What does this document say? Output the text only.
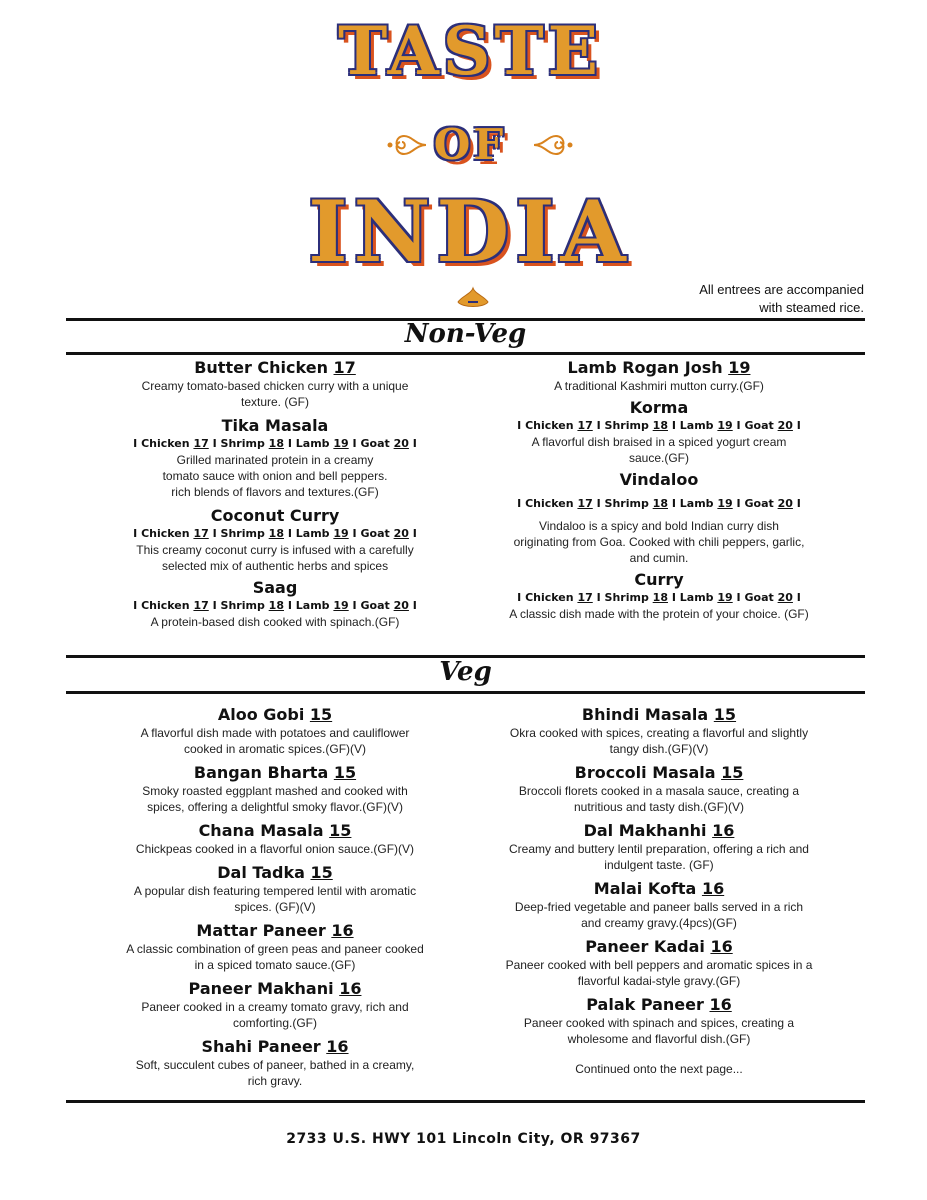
TASTE
OF
INDIA
All entrees are accompanied
with steamed rice.
Non-Veg
Butter Chicken 17
Creamy tomato-based chicken curry with a unique
texture. (GF)
Tika Masala
I Chicken 17 I Shrimp 18 I Lamb 19 I Goat 20 I
Grilled marinated protein in a creamy
tomato sauce with onion and bell peppers.
rich blends of flavors and textures.(GF)
Coconut Curry
I Chicken 17 I Shrimp 18 I Lamb 19 I Goat 20 I
This creamy coconut curry is infused with a carefully
selected mix of authentic herbs and spices
Saag
I Chicken 17 I Shrimp 18 I Lamb 19 I Goat 20 I
A protein-based dish cooked with spinach.(GF)
Lamb Rogan Josh 19
A traditional Kashmiri mutton curry.(GF)
Korma
I Chicken 17 I Shrimp 18 I Lamb 19 I Goat 20 I
A flavorful dish braised in a spiced yogurt cream
sauce.(GF)
Vindaloo
I Chicken 17 I Shrimp 18 I Lamb 19 I Goat 20 I
Vindaloo is a spicy and bold Indian curry dish
originating from Goa. Cooked with chili peppers, garlic,
and cumin.
Curry
I Chicken 17 I Shrimp 18 I Lamb 19 I Goat 20 I
A classic dish made with the protein of your choice. (GF)
Veg
Aloo Gobi 15
A flavorful dish made with potatoes and cauliflower
cooked in aromatic spices.(GF)(V)
Bangan Bharta 15
Smoky roasted eggplant mashed and cooked with
spices, offering a delightful smoky flavor.(GF)(V)
Chana Masala 15
Chickpeas cooked in a flavorful onion sauce.(GF)(V)
Dal Tadka 15
A popular dish featuring tempered lentil with aromatic
spices. (GF)(V)
Mattar Paneer 16
A classic combination of green peas and paneer cooked
in a spiced tomato sauce.(GF)
Paneer Makhani 16
Paneer cooked in a creamy tomato gravy, rich and
comforting.(GF)
Shahi Paneer 16
Soft, succulent cubes of paneer, bathed in a creamy,
rich gravy.
Bhindi Masala 15
Okra cooked with spices, creating a flavorful and slightly
tangy dish.(GF)(V)
Broccoli Masala 15
Broccoli florets cooked in a masala sauce, creating a
nutritious and tasty dish.(GF)(V)
Dal Makhanhi 16
Creamy and buttery lentil preparation, offering a rich and
indulgent taste. (GF)
Malai Kofta 16
Deep-fried vegetable and paneer balls served in a rich
and creamy gravy.(4pcs)(GF)
Paneer Kadai 16
Paneer cooked with bell peppers and aromatic spices in a
flavorful kadai-style gravy.(GF)
Palak Paneer 16
Paneer cooked with spinach and spices, creating a
wholesome and flavorful dish.(GF)
Continued onto the next page...
2733 U.S. HWY 101 Lincoln City, OR 97367
